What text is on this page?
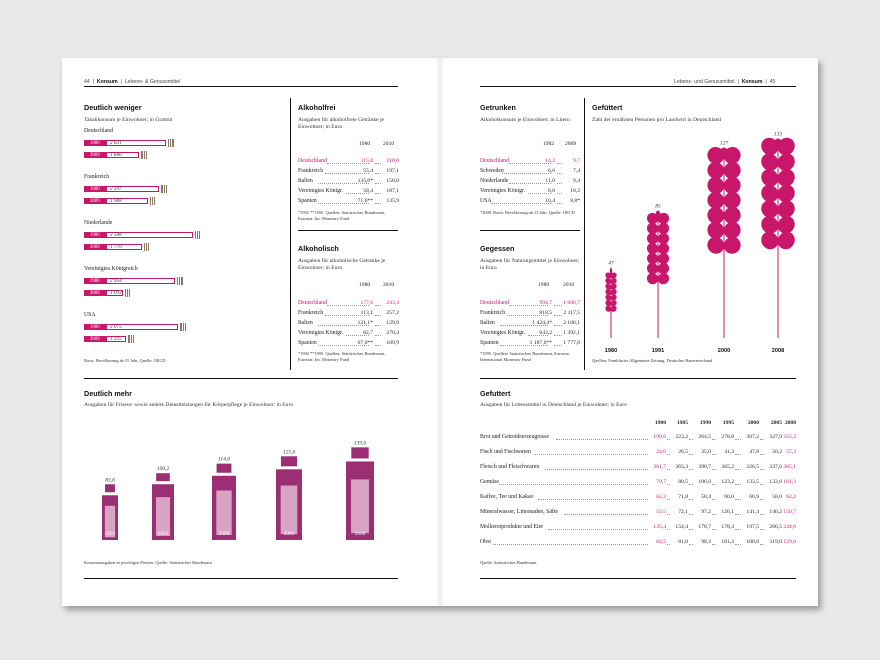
44  |  Konsum  |  Lebens- & Genussmittel	Lebens- und Genussmittel  |  Konsum  |  45
Deutlich weniger
Tabakkonsum je Einwohner; in Gramm
Deutschland
1980 2 631
2009 1 686
Frankreich
1980 2 397
2009 1 988
Niederlande
1980 3 588
2009 1 770
Vereinigtes Königreich
1980 2 954
2009 1 093
USA
1980 3 075
2009 1 225
Basis: Bevölkerung ab 15 Jahr. Quelle: OECD
Alkoholfrei
Ausgaben für alkoholfreie Getränke je Einwohner; in Euro
1980 2010
Deutschland	115,8 210,0
Frankreich	55,4 197,1
Italien	135,0* 156,0
Vereinigtes Königr.	58,4 187,1
Spanien	71,6** 135,9
*1992 **1995. Quellen: Statistisches Bundesamt, Eurostat, Int. Monetary Fund
Alkoholisch
Ausgaben für alkoholische Getränke je Einwohner; in Euro
1980 2010
Deutschland	177,6 243,4
Frankreich	113,1 257,2
Italien	121,1* 129,9
Vereinigtes Königr.	82,7 270,4
Spanien	67,0** 109,9
*1992 **1995. Quellen: Statistisches Bundesamt, Eurostat, Int. Monetary Fund
Deutlich mehr
Ausgaben für Friseur- sowie andere Dienstleistungen für Körperpflege je Einwohner; in Euro
83,6
1991
100,2
1995
114,6
1999
125,6
2003
139,0
2008
Konsumausgaben in jeweiligen Preisen. Quelle: Statistisches Bundesamt
Getrunken
Alkoholkonsum je Einwohner; in Litern
1982 2009
Deutschland	14,2	9,7
Schweden	6,6	7,4
Niederlande	11,0	9,4
Vereinigtes Königr.	8,8	10,2
USA	10,4	8,8*
*2008. Basis: Bevölkerung ab 15 Jahr. Quelle: OECD
Gegessen
Ausgaben für Nahrungsmittel je Einwohner; in Euro
1980 2010
Deutschland	994,7 1 606,7
Frankreich	818,5 2 117,5
Italien	1 424,4* 2 106,1
Vereinigtes Königr.	643,2 1 392,1
Spanien	1 187,6** 1 777,8
*1995. Quellen: Statistisches Bundesamt, Eurostat, International Monetary Fund
Gefüttert
Zahl der ernährten Personen pro Landwirt in Deutschland
47
1980
85
1991
127
2000
133
2008
Quellen: Frankfurter Allgemeine Zeitung, Deutscher Bauernverband
Gefuttert
Ausgaben für Lebensmittel in Deutschland je Einwohner; in Euro
1980 1985 1990 1995 2000 2005 2008
Brot und Getreideerzeugnisse	190,6 223,2 264,5 278,8 307,2 327,9 355,2
Fisch und Fischwaren	24,0 26,5 35,0 41,3	47,8 50,2 57,3
Fleisch und Fleischwaren	361,7 363,3 390,7 365,2 326,5 337,6 365,1
Gemüse	79,7 80,5 106,0 123,2 133,5 133,6 161,3
Kaffee, Tee und Kakao	62,3 71,8 58,4 60,0	66,9 58,0 62,2
Mineralwasser, Limonaden, Säfte	53,5 72,1 97,2 126,1 141,4 146,2 150,7
Molkereiprodukte und Eier	135,4 154,4 178,7 178,3 197,5 206,5 244,6
Obst	64,5 81,0 98,2 101,2 108,0 119,0 129,0
Quelle: Statistisches Bundesamt
